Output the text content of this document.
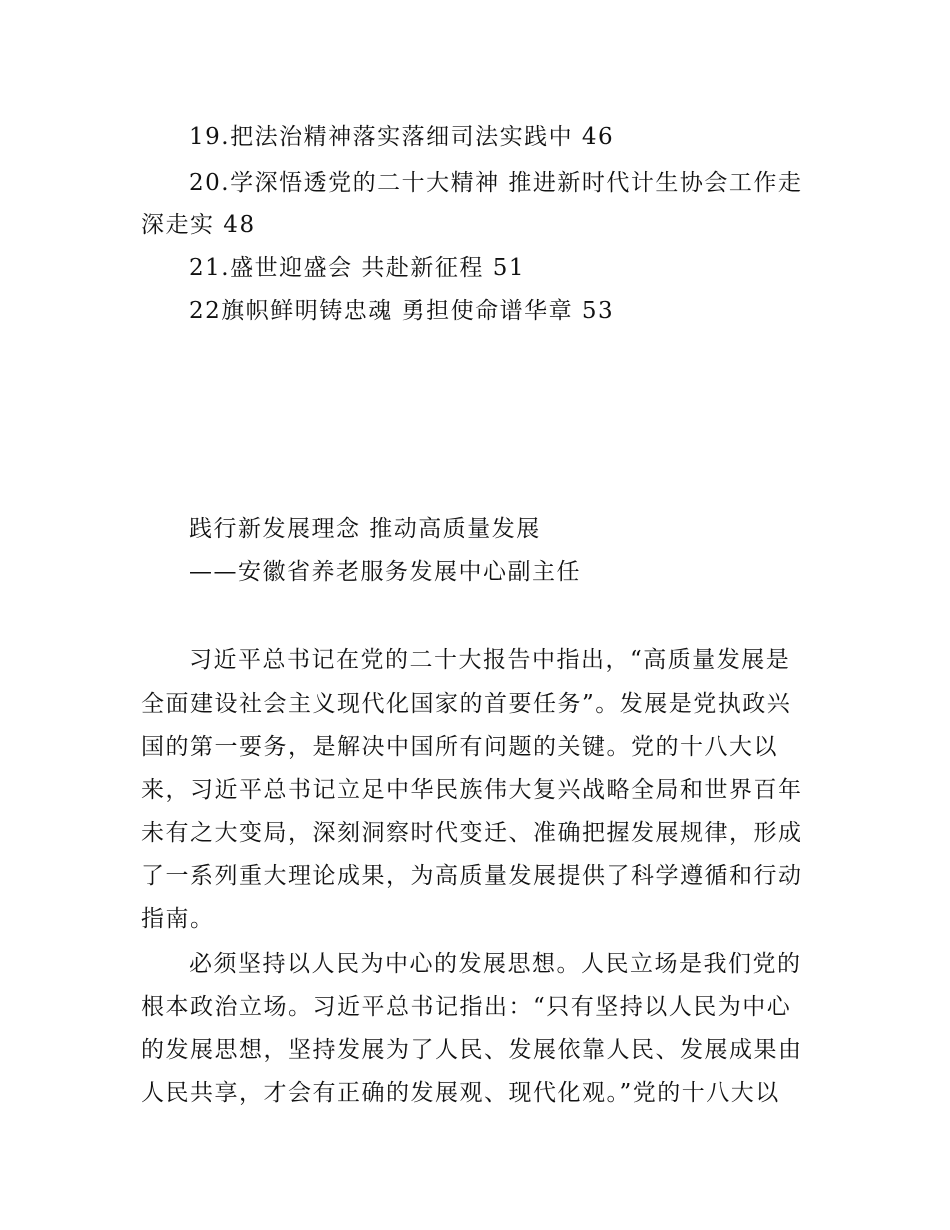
19.把法治精神落实落细司法实践中 46
20.学深悟透党的二十大精神 推进新时代计生协会工作走
深走实 48
21.盛世迎盛会 共赴新征程 51
22旗帜鲜明铸忠魂 勇担使命谱华章 53
践行新发展理念 推动高质量发展
——安徽省养老服务发展中心副主任
习近平总书记在党的二十大报告中指出，“高质量发展是
全面建设社会主义现代化国家的首要任务”。发展是党执政兴
国的第一要务，是解决中国所有问题的关键。党的十八大以
来，习近平总书记立足中华民族伟大复兴战略全局和世界百年
未有之大变局，深刻洞察时代变迁、准确把握发展规律，形成
了一系列重大理论成果，为高质量发展提供了科学遵循和行动
指南。
必须坚持以人民为中心的发展思想。人民立场是我们党的
根本政治立场。习近平总书记指出：“只有坚持以人民为中心
的发展思想，坚持发展为了人民、发展依靠人民、发展成果由
人民共享，才会有正确的发展观、现代化观。”党的十八大以
